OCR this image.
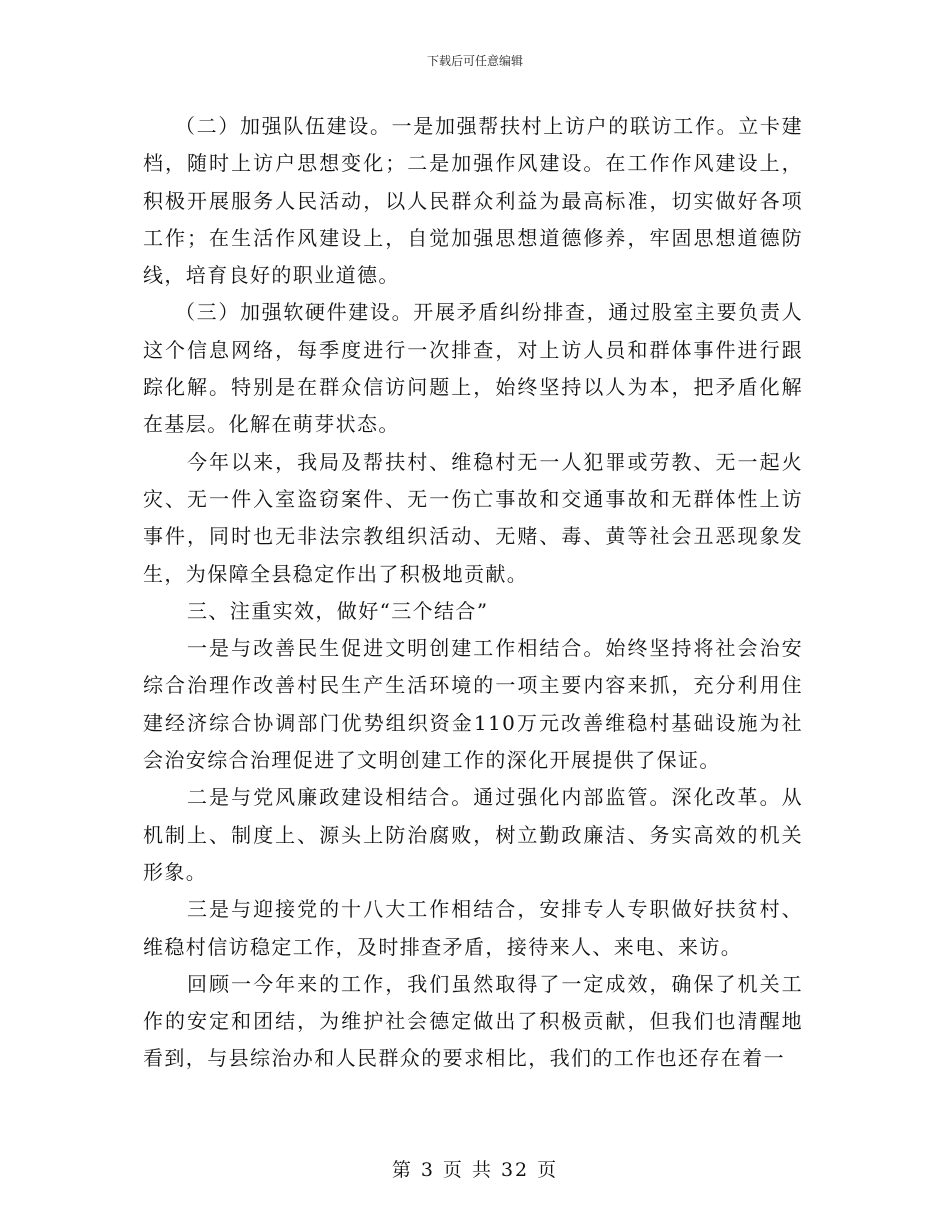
下载后可任意编辑

（二）加强队伍建设。一是加强帮扶村上访户的联访工作。立卡建档，随时上访户思想变化；二是加强作风建设。在工作作风建设上，积极开展服务人民活动，以人民群众利益为最高标准，切实做好各项工作；在生活作风建设上，自觉加强思想道德修养，牢固思想道德防线，培育良好的职业道德。

（三）加强软硬件建设。开展矛盾纠纷排查，通过股室主要负责人这个信息网络，每季度进行一次排查，对上访人员和群体事件进行跟踪化解。特别是在群众信访问题上，始终坚持以人为本，把矛盾化解在基层。化解在萌芽状态。

今年以来，我局及帮扶村、维稳村无一人犯罪或劳教、无一起火灾、无一件入室盗窃案件、无一伤亡事故和交通事故和无群体性上访事件，同时也无非法宗教组织活动、无赌、毒、黄等社会丑恶现象发生，为保障全县稳定作出了积极地贡献。

三、注重实效，做好“三个结合”

一是与改善民生促进文明创建工作相结合。始终坚持将社会治安综合治理作改善村民生产生活环境的一项主要内容来抓，充分利用住建经济综合协调部门优势组织资金110万元改善维稳村基础设施为社会治安综合治理促进了文明创建工作的深化开展提供了保证。

二是与党风廉政建设相结合。通过强化内部监管。深化改革。从机制上、制度上、源头上防治腐败，树立勤政廉洁、务实高效的机关形象。

三是与迎接党的十八大工作相结合，安排专人专职做好扶贫村、维稳村信访稳定工作，及时排查矛盾，接待来人、来电、来访。

回顾一今年来的工作，我们虽然取得了一定成效，确保了机关工作的安定和团结，为维护社会德定做出了积极贡献，但我们也清醒地看到，与县综治办和人民群众的要求相比，我们的工作也还存在着一

第 3 页 共 32 页
